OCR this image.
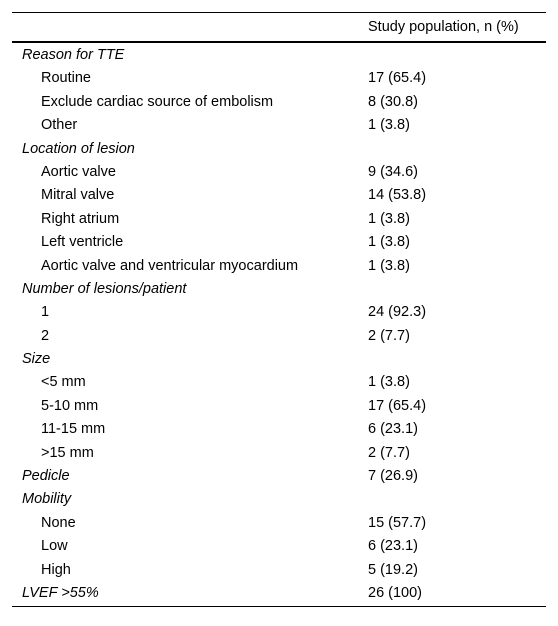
Study population, n (%)
Reason for TTE
Routine	17 (65.4)
Exclude cardiac source of embolism	8 (30.8)
Other	1 (3.8)
Location of lesion
Aortic valve	9 (34.6)
Mitral valve	14 (53.8)
Right atrium	1 (3.8)
Left ventricle	1 (3.8)
Aortic valve and ventricular myocardium	1 (3.8)
Number of lesions/patient
1	24 (92.3)
2	2 (7.7)
Size
<5 mm	1 (3.8)
5-10 mm	17 (65.4)
11-15 mm	6 (23.1)
>15 mm	2 (7.7)
Pedicle	7 (26.9)
Mobility
None	15 (57.7)
Low	6 (23.1)
High	5 (19.2)
LVEF >55%	26 (100)
